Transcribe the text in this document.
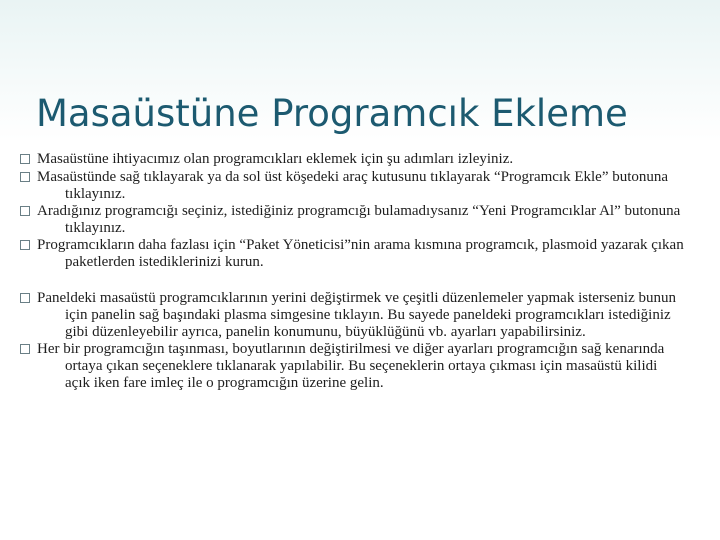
Masaüstüne Programcık Ekleme

Masaüstüne ihtiyacımız olan programcıkları eklemek için şu adımları izleyiniz.

Masaüstünde sağ tıklayarak ya da sol üst köşedeki araç kutusunu tıklayarak “Programcık Ekle” butonuna tıklayınız.

Aradığınız programcığı seçiniz, istediğiniz programcığı bulamadıysanız “Yeni Programcıklar Al” butonuna tıklayınız.

Programcıkların daha fazlası için “Paket Yöneticisi”nin arama kısmına programcık, plasmoid yazarak çıkan paketlerden istediklerinizi kurun.

Paneldeki masaüstü programcıklarının yerini değiştirmek ve çeşitli düzenlemeler yapmak isterseniz bunun için panelin sağ başındaki plasma simgesine tıklayın. Bu sayede paneldeki programcıkları istediğiniz gibi düzenleyebilir ayrıca, panelin konumunu, büyüklüğünü vb. ayarları yapabilirsiniz.

Her bir programcığın taşınması, boyutlarının değiştirilmesi ve diğer ayarları programcığın sağ kenarında ortaya çıkan seçeneklere tıklanarak yapılabilir. Bu seçeneklerin ortaya çıkması için masaüstü kilidi açık iken fare imleç ile o programcığın üzerine gelin.
